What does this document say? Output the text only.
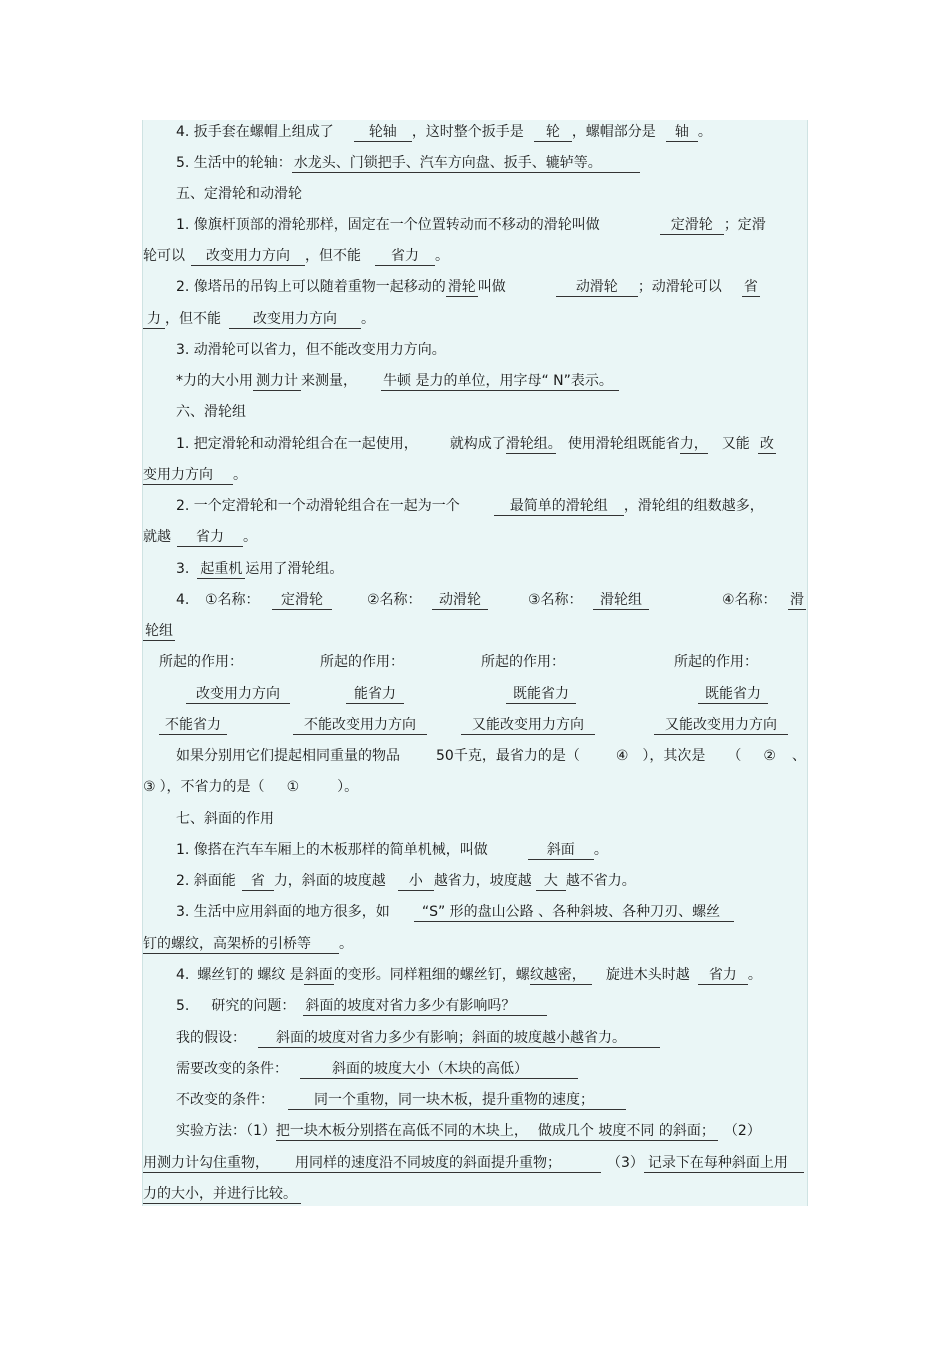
4. 扳手套在螺帽上组成了	轮轴 ，这时整个扳手是 轮 ，螺帽部分是 轴 。
5. 生活中的轮轴： 水龙头、门锁把手、汽车方向盘、扳手、辘轳等。
五、定滑轮和动滑轮
1. 像旗杆顶部的滑轮那样，固定在一个位置转动而不移动的滑轮叫做	定滑轮 ；定滑
轮可以 改变用力方向 ，但不能 省力 。
2. 像塔吊的吊钩上可以随着重物一起移动的 滑轮 叫做	动滑轮 ；动滑轮可以 省
力 ，但不能 改变用力方向 。
3. 动滑轮可以省力，但不能改变用力方向。
*力的大小用 测力计 来测量， 牛顿 是力的单位，用字母“ N”表示。
六、滑轮组
1. 把定滑轮和动滑轮组合在一起使用， 就构成了滑轮组。 使用滑轮组既能省力， 又能 改
变用力方向 。
2. 一个定滑轮和一个动滑轮组合在一起为一个	最简单的滑轮组 ，滑轮组的组数越多，
就越 省力 。
3. 起重机 运用了滑轮组。
4. ①名称：	定滑轮	②名称：	动滑轮	③名称：	滑轮组	④名称： 滑
轮组
所起的作用：	所起的作用：	所起的作用：	所起的作用：
改变用力方向	能省力	既能省力	既能省力
不能省力	不能改变用力方向	又能改变用力方向	又能改变用力方向
如果分别用它们提起相同重量的物品	50千克，最省力的是（	④ ），其次是 （ ② 、
③ ），不省力的是（ ①	）。
七、斜面的作用
1. 像搭在汽车车厢上的木板那样的简单机械，叫做	斜面 。
2. 斜面能 省 力，斜面的坡度越 小 越省力，坡度越 大 越不省力。
3. 生活中应用斜面的地方很多，如 “S” 形的盘山公路 、各种斜坡、各种刀刃、螺丝
钉的螺纹，高架桥的引桥等 。
4. 螺丝钉的 螺纹 是斜面的变形。同样粗细的螺丝钉，螺纹越密， 旋进木头时越 省力 。
5. 研究的问题： 斜面的坡度对省力多少有影响吗？
我的假设： 斜面的坡度对省力多少有影响；斜面的坡度越小越省力。
需要改变的条件：	斜面的坡度大小（木块的高低）
不改变的条件：	同一个重物，同一块木板，提升重物的速度；
实验方法：（1）把一块木板分别搭在高低不同的木块上， 做成几个 坡度不同 的斜面； （2）
用测力计勾住重物， 用同样的速度沿不同坡度的斜面提升重物；	（3） 记录下在每种斜面上用
力的大小，并进行比较。
